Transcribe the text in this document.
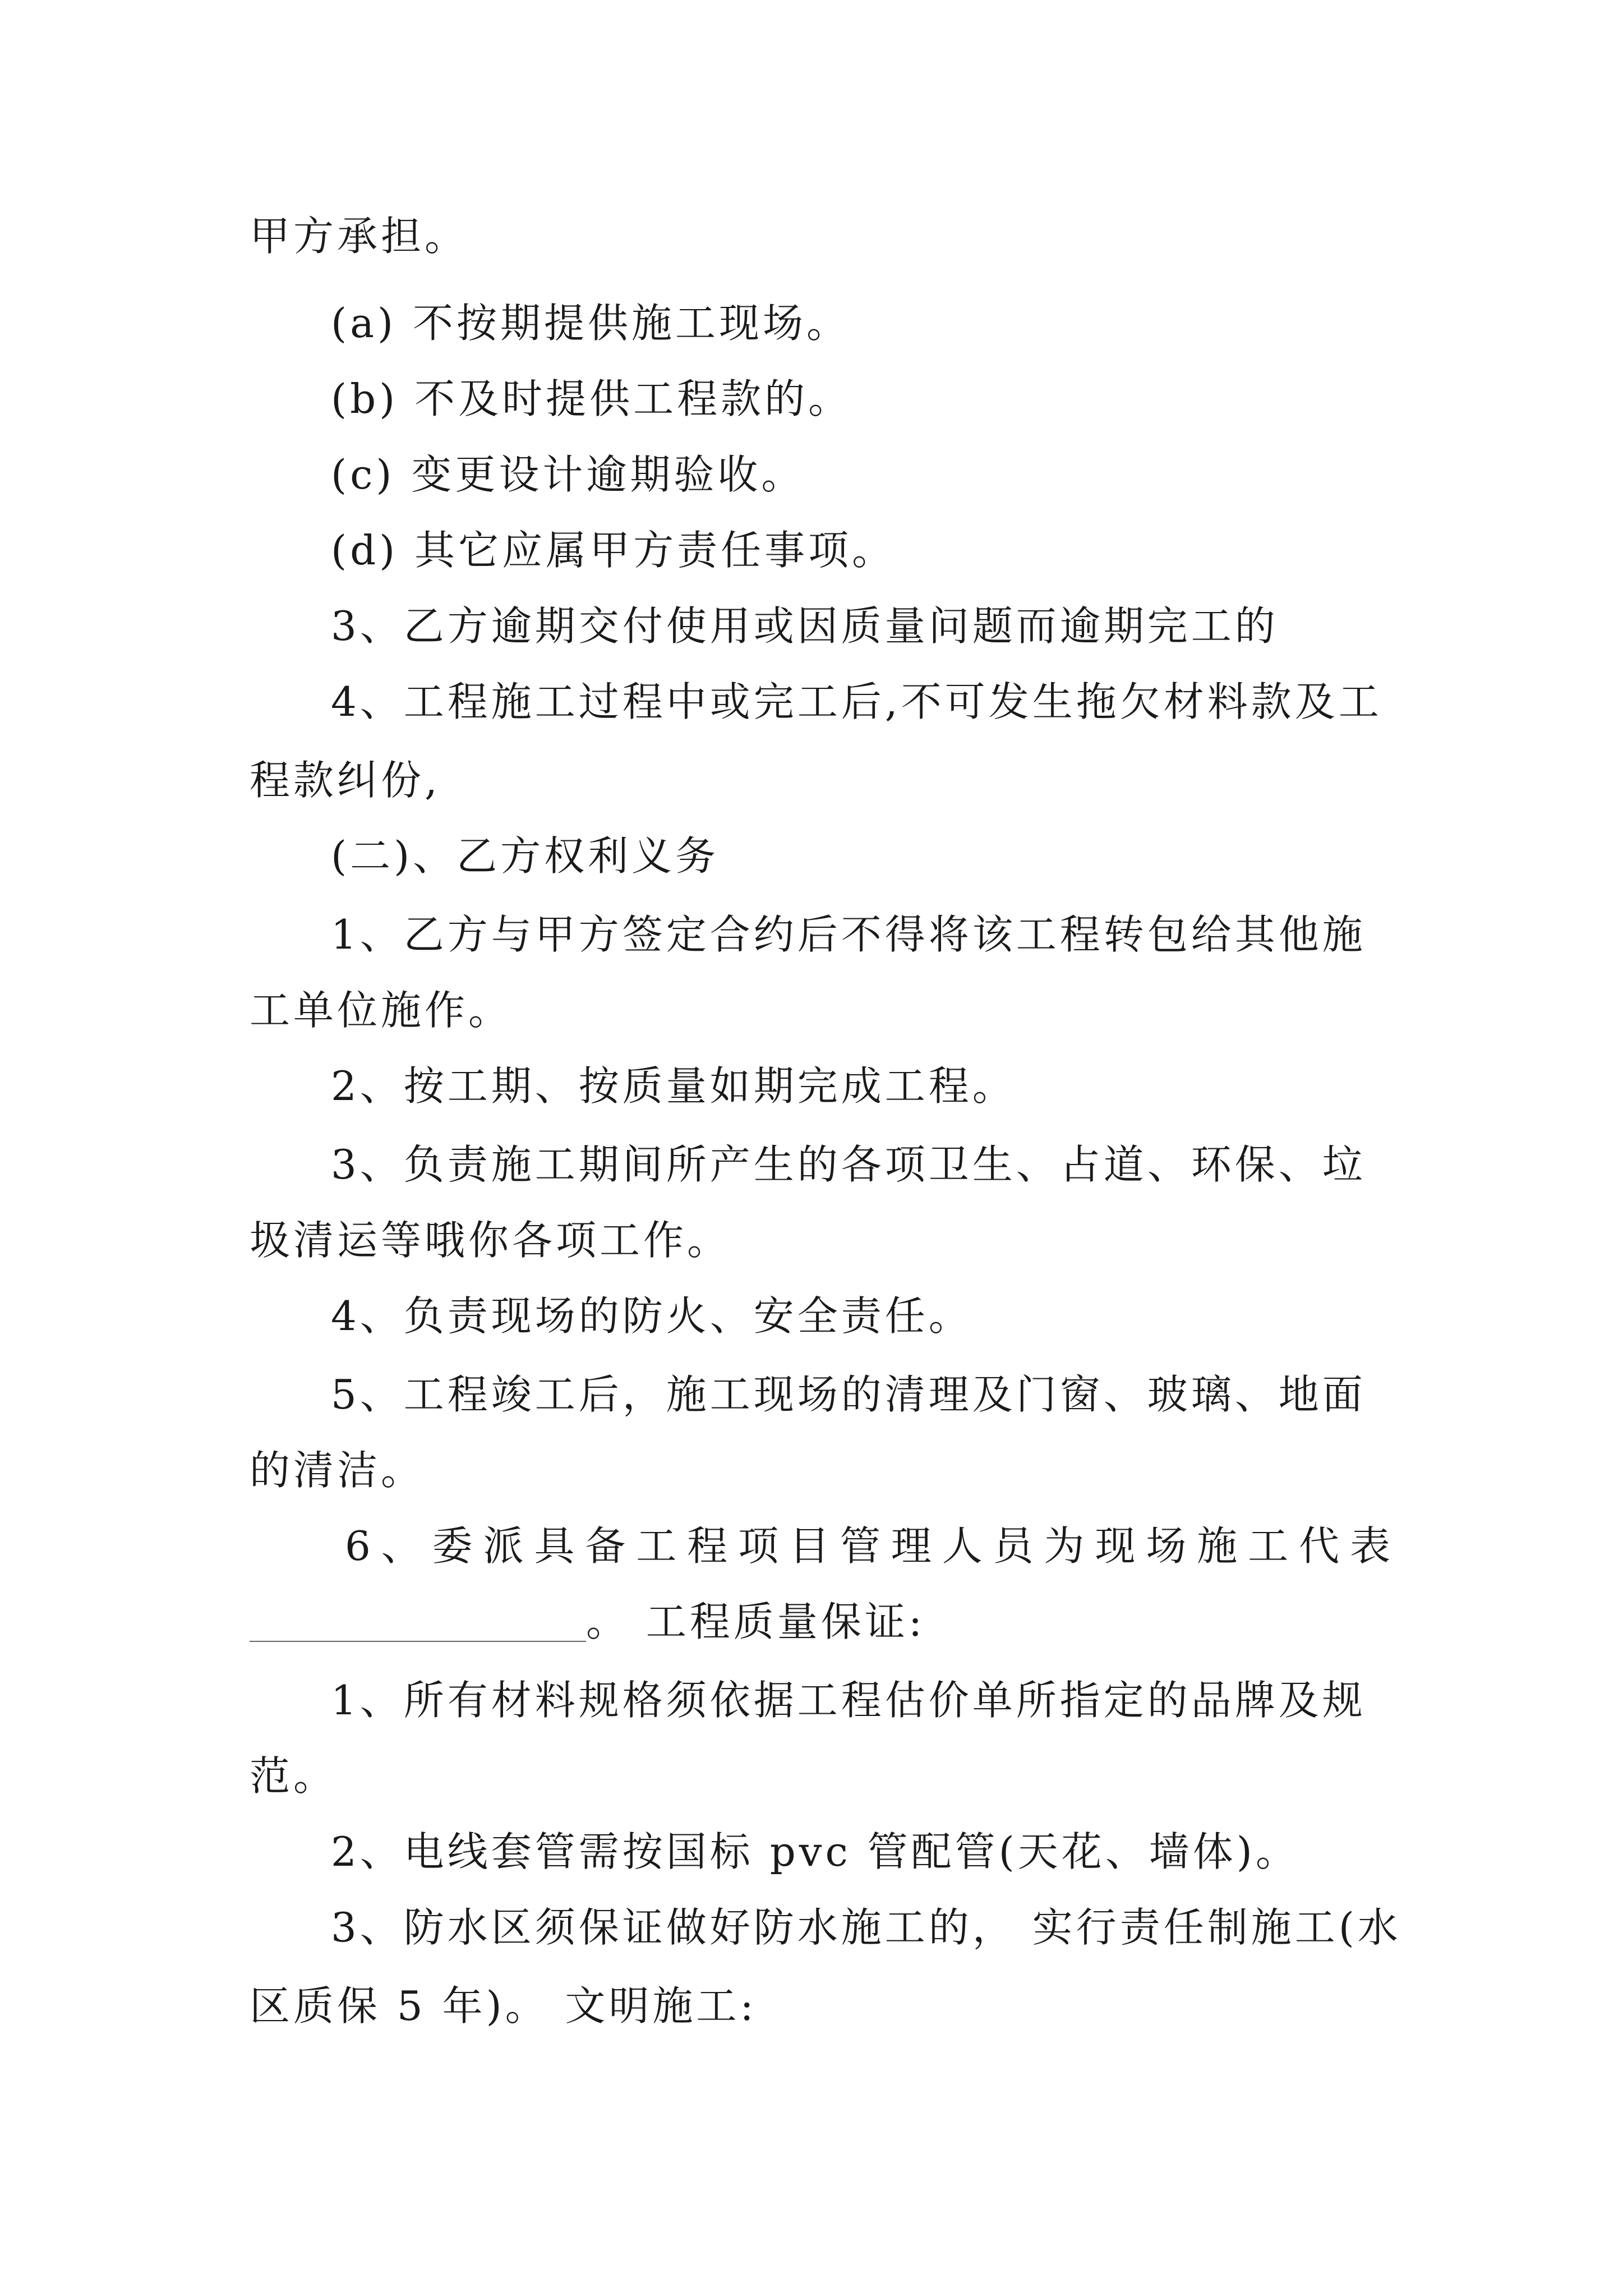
甲方承担。
(a) 不按期提供施工现场。
(b) 不及时提供工程款的。
(c) 变更设计逾期验收。
(d) 其它应属甲方责任事项。
3、乙方逾期交付使用或因质量问题而逾期完工的
4、工程施工过程中或完工后,不可发生拖欠材料款及工
程款纠份,
(二)、乙方权利义务
1、乙方与甲方签定合约后不得将该工程转包给其他施
工单位施作。
2、按工期、按质量如期完成工程。
3、负责施工期间所产生的各项卫生、占道、环保、垃
圾清运等哦你各项工作。
4、负责现场的防火、安全责任。
5、工程竣工后，施工现场的清理及门窗、玻璃、地面
的清洁。
6、委派具备工程项目管理人员为现场施工代表
。 工程质量保证:
1、所有材料规格须依据工程估价单所指定的品牌及规
范。
2、电线套管需按国标 pvc 管配管(天花、墙体)。
3、防水区须保证做好防水施工的， 实行责任制施工(水
区质保 5 年)。 文明施工:
